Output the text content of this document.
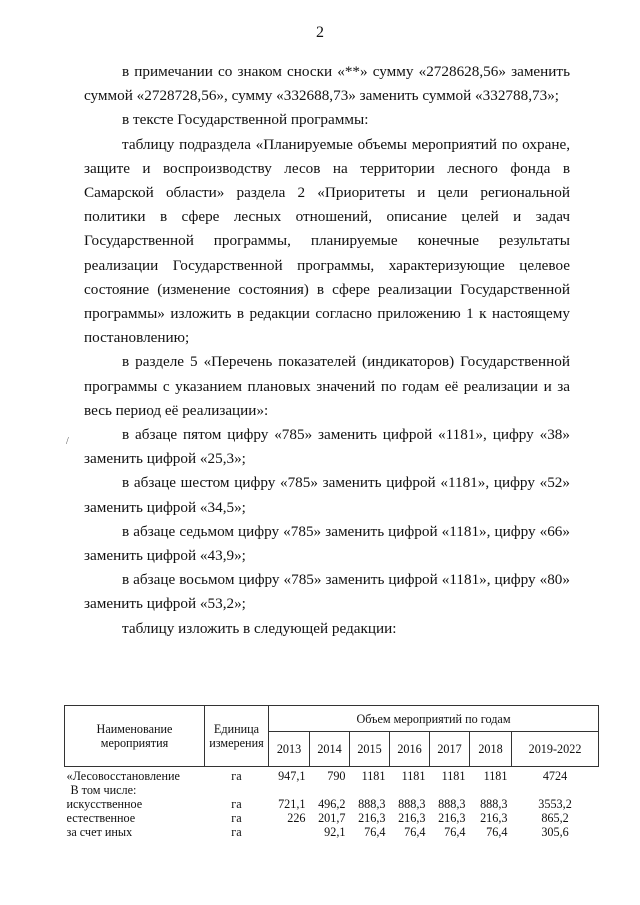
2
/

в примечании со знаком сноски «**» сумму «2728628,56» заменить суммой «2728728,56», сумму «332688,73» заменить суммой «332788,73»;

в тексте Государственной программы:

таблицу подраздела «Планируемые объемы мероприятий по охране, защите и воспроизводству лесов на территории лесного фонда в Самарской области» раздела 2 «Приоритеты и цели региональной политики в сфере лесных отношений, описание целей и задач Государственной программы, планируемые конечные результаты реализации Государственной программы, характеризующие целевое состояние (изменение состояния) в сфере реализации Государственной программы» изложить в редакции согласно приложению 1 к настоящему постановлению;

в разделе 5 «Перечень показателей (индикаторов) Государственной программы с указанием плановых значений по годам её реализации и за весь период её реализации»:

в абзаце пятом цифру «785» заменить цифрой «1181», цифру «38» заменить цифрой «25,3»;

в абзаце шестом цифру «785» заменить цифрой «1181», цифру «52» заменить цифрой «34,5»;

в абзаце седьмом цифру «785» заменить цифрой «1181», цифру «66» заменить цифрой «43,9»;

в абзаце восьмом цифру «785» заменить цифрой «1181», цифру «80» заменить цифрой «53,2»;

таблицу изложить в следующей редакции:

Наименование мероприятия	Единица измерения	Объем мероприятий по годам						
		2013	2014	2015	2016	2017	2018	2019-2022
«Лесовосстановление	га	947,1	790	1181	1181	1181	1181	4724
В том числе:								
искусственное	га	721,1	496,2	888,3	888,3	888,3	888,3	3553,2
естественное	га	226	201,7	216,3	216,3	216,3	216,3	865,2
за счет иных	га		92,1	76,4	76,4	76,4	76,4	305,6
